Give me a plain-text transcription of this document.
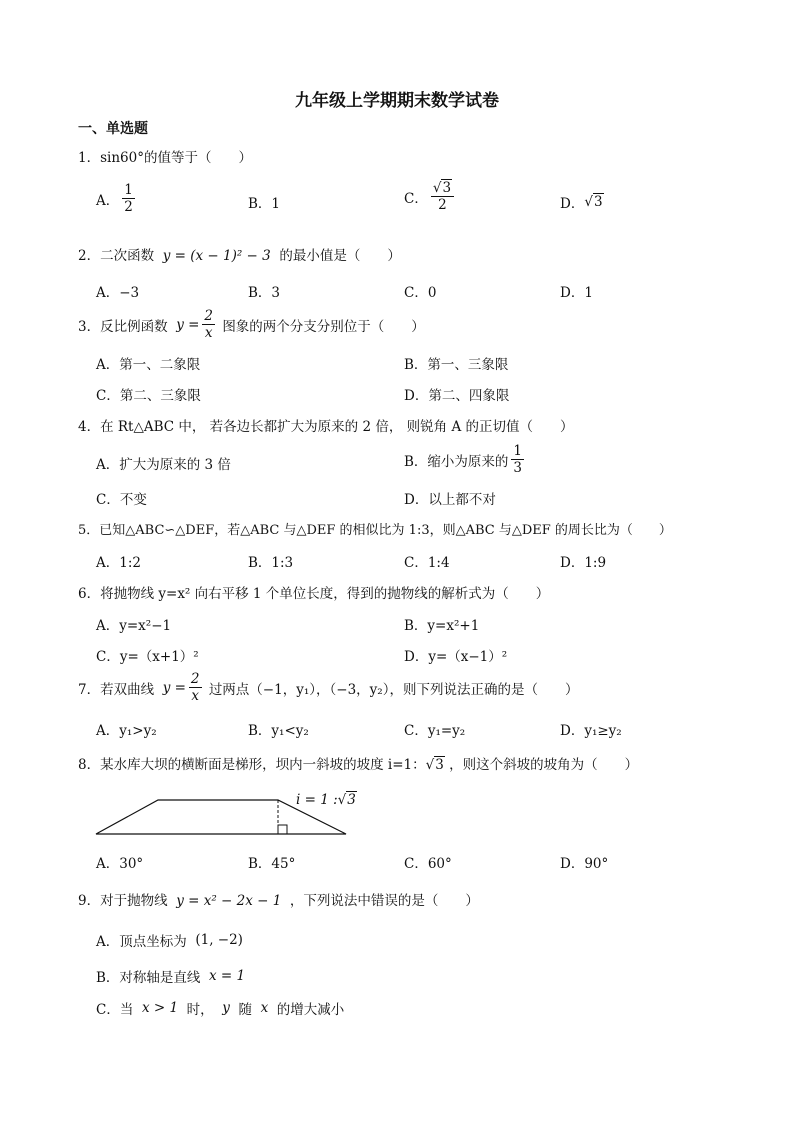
九年级上学期期末数学试卷
一、单选题
1．sin60°的值等于（　　）
A． $\frac{1}{2}$	B．1	C． $\frac{√3}{2}$	D． √3
2．二次函数 y = (x − 1)² − 3 的最小值是（　　）
A．−3	B．3	C．0	D．1
3．反比例函数
$y = \frac{2}{x}$
图象的两个分支分别位于（　　）
A．第一、二象限	B．第一、三象限
C．第二、三象限	D．第二、四象限
4．在 Rt△ABC 中， 若各边长都扩大为原来的 2 倍， 则锐角 A 的正切值（　　）
A．扩大为原来的 3 倍	B．缩小为原来的 $\frac{1}{3}$
C．不变	D．以上都不对
5．已知△ABC∽△DEF，若△ABC 与△DEF 的相似比为 1:3，则△ABC 与△DEF 的周长比为（　　）
A．1:2	B．1:3	C．1:4	D．1:9
6．将抛物线 y=x² 向右平移 1 个单位长度，得到的抛物线的解析式为（　　）
A．y=x²−1	B．y=x²+1
C．y=（x+1）²	D．y=（x−1）²
7．若双曲线
$y = \frac{2}{x}$
过两点（−1，y₁），（−3，y₂），则下列说法正确的是（　　）
A．y₁>y₂	B．y₁<y₂	C．y₁=y₂	D．y₁≥y₂
8．某水库大坝的横断面是梯形，坝内一斜坡的坡度 i=1：√3 ，则这个斜坡的坡角为（　　）
i = 1 : √3
A．30°	B．45°	C．60°	D．90°
9．对于抛物线 y = x² − 2x − 1 ，下列说法中错误的是（　　）
A．顶点坐标为
(1, −2)
B．对称轴是直线
x = 1
C．当
x > 1
时，
y
随
x
的增大减小
